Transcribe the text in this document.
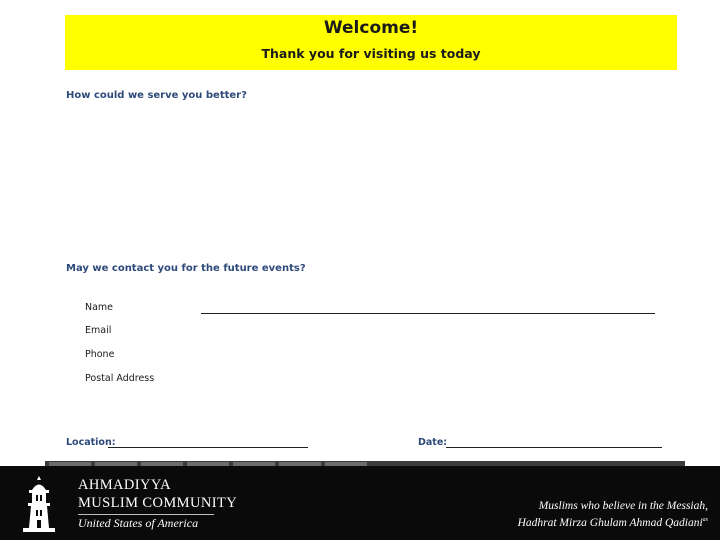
Welcome!
Thank you for visiting us today
How could we serve you better?
May we contact you for the future events?
Name
Email
Phone
Postal Address
Location:	Date:
AHMADIYYA
MUSLIM COMMUNITY
United States of America
Muslims who believe in the Messiah,
Hadhrat Mirza Ghulam Ahmad Qadiani$^{as}$
